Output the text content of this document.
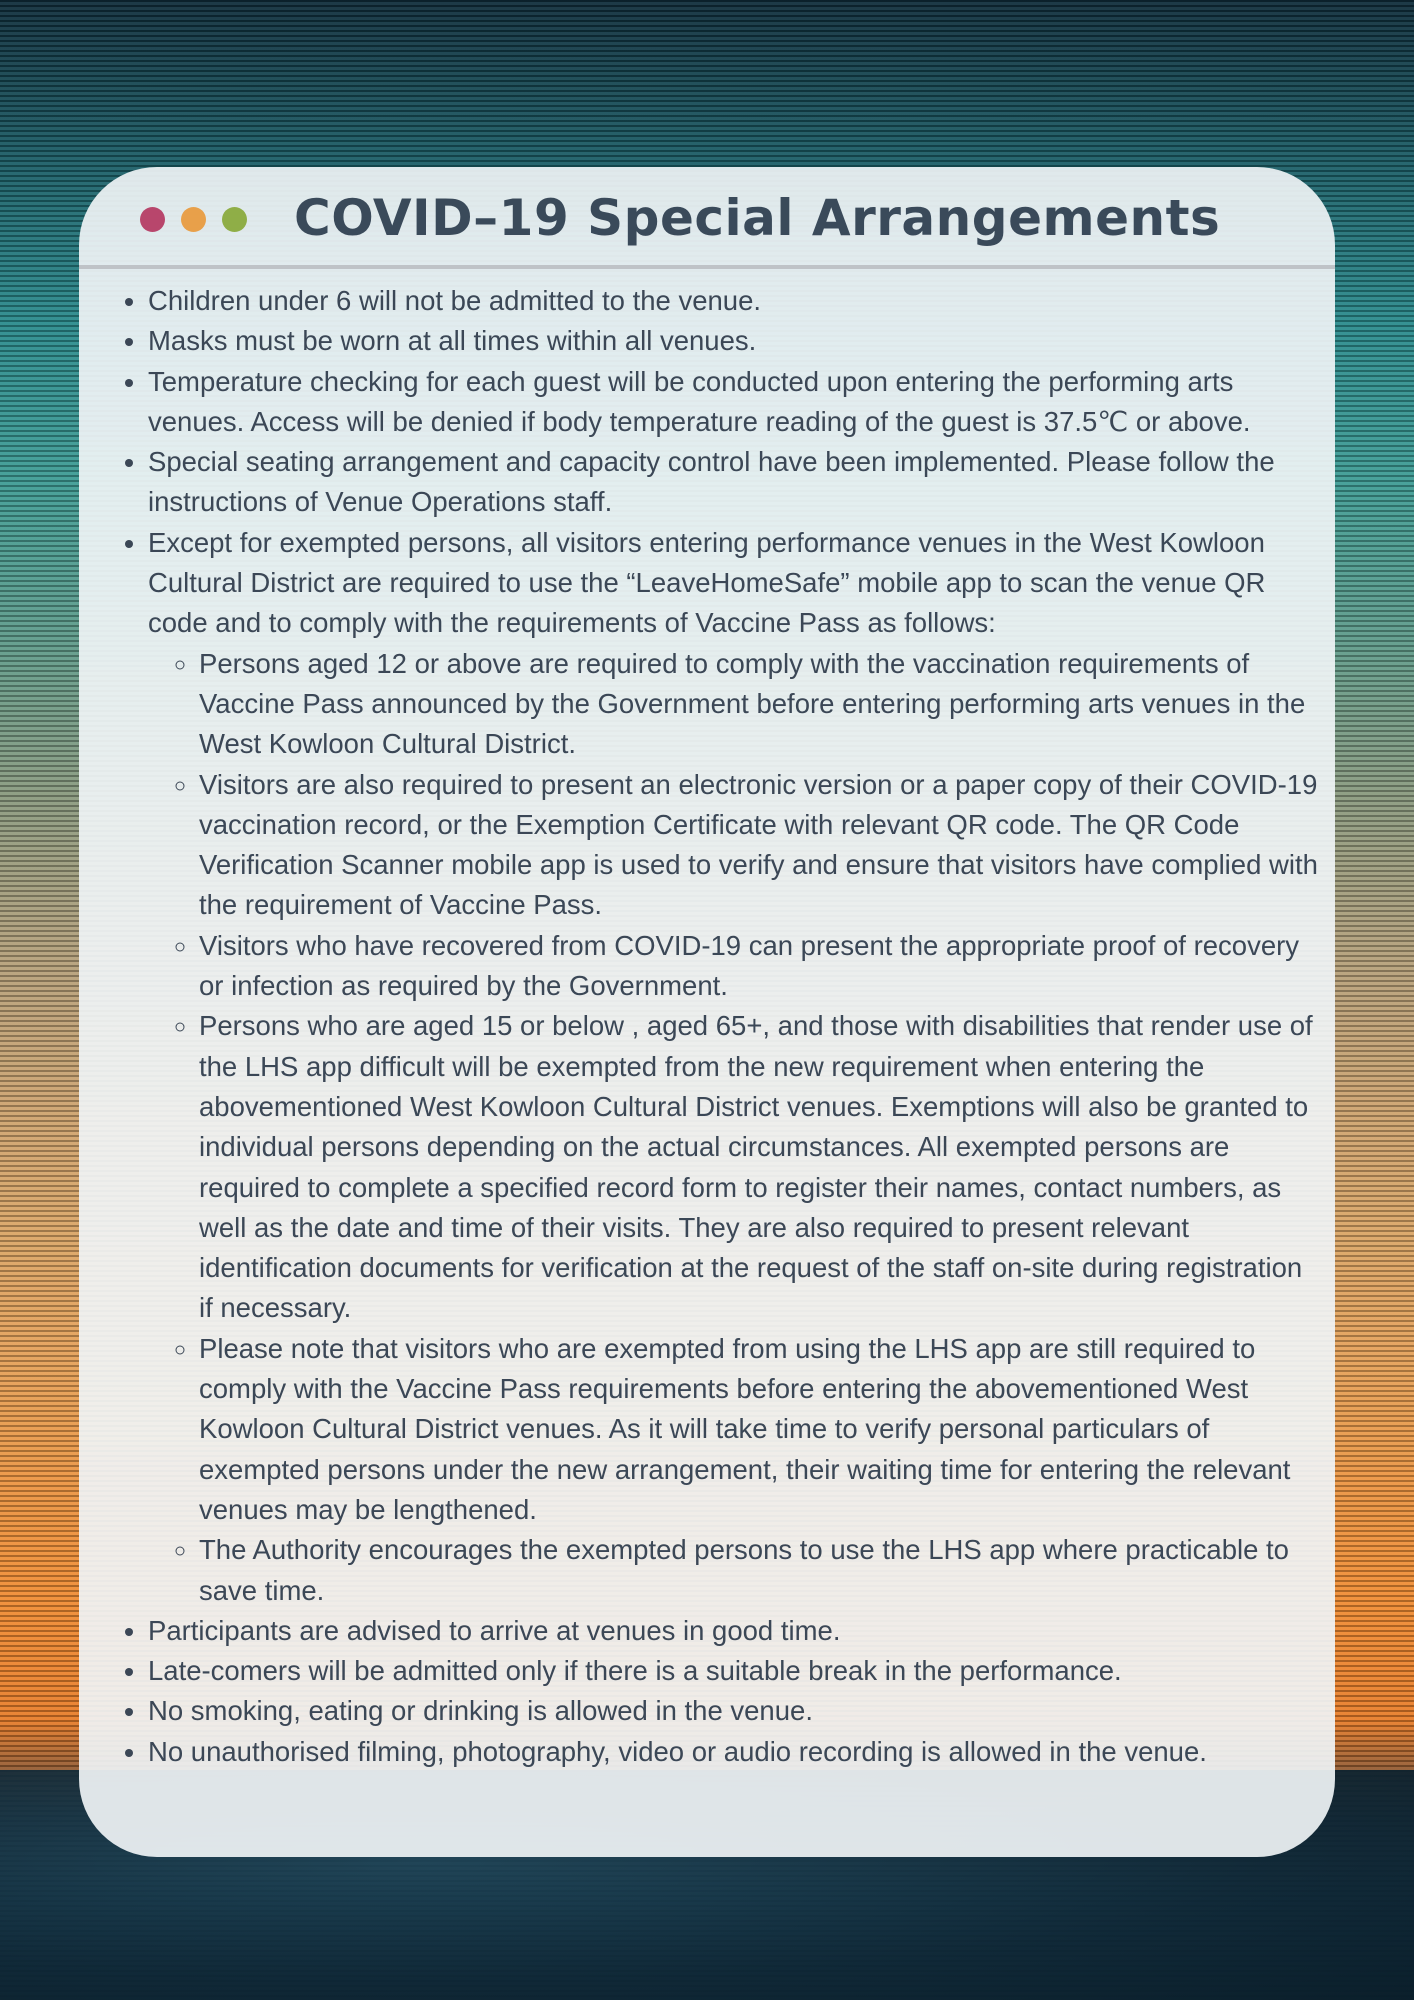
COVID–19 Special Arrangements
• Children under 6 will not be admitted to the venue.
• Masks must be worn at all times within all venues.
• Temperature checking for each guest will be conducted upon entering the performing arts venues. Access will be denied if body temperature reading of the guest is 37.5℃ or above.
• Special seating arrangement and capacity control have been implemented. Please follow the instructions of Venue Operations staff.
• Except for exempted persons, all visitors entering performance venues in the West Kowloon Cultural District are required to use the “LeaveHomeSafe” mobile app to scan the venue QR code and to comply with the requirements of Vaccine Pass as follows:
◦ Persons aged 12 or above are required to comply with the vaccination requirements of Vaccine Pass announced by the Government before entering performing arts venues in the West Kowloon Cultural District.
◦ Visitors are also required to present an electronic version or a paper copy of their COVID-19 vaccination record, or the Exemption Certificate with relevant QR code. The QR Code Verification Scanner mobile app is used to verify and ensure that visitors have complied with the requirement of Vaccine Pass.
◦ Visitors who have recovered from COVID-19 can present the appropriate proof of recovery or infection as required by the Government.
◦ Persons who are aged 15 or below , aged 65+, and those with disabilities that render use of the LHS app difficult will be exempted from the new requirement when entering the abovementioned West Kowloon Cultural District venues. Exemptions will also be granted to individual persons depending on the actual circumstances. All exempted persons are required to complete a specified record form to register their names, contact numbers, as well as the date and time of their visits. They are also required to present relevant identification documents for verification at the request of the staff on-site during registration if necessary.
◦ Please note that visitors who are exempted from using the LHS app are still required to comply with the Vaccine Pass requirements before entering the abovementioned West Kowloon Cultural District venues. As it will take time to verify personal particulars of exempted persons under the new arrangement, their waiting time for entering the relevant venues may be lengthened.
◦ The Authority encourages the exempted persons to use the LHS app where practicable to save time.
• Participants are advised to arrive at venues in good time.
• Late-comers will be admitted only if there is a suitable break in the performance.
• No smoking, eating or drinking is allowed in the venue.
• No unauthorised filming, photography, video or audio recording is allowed in the venue.
